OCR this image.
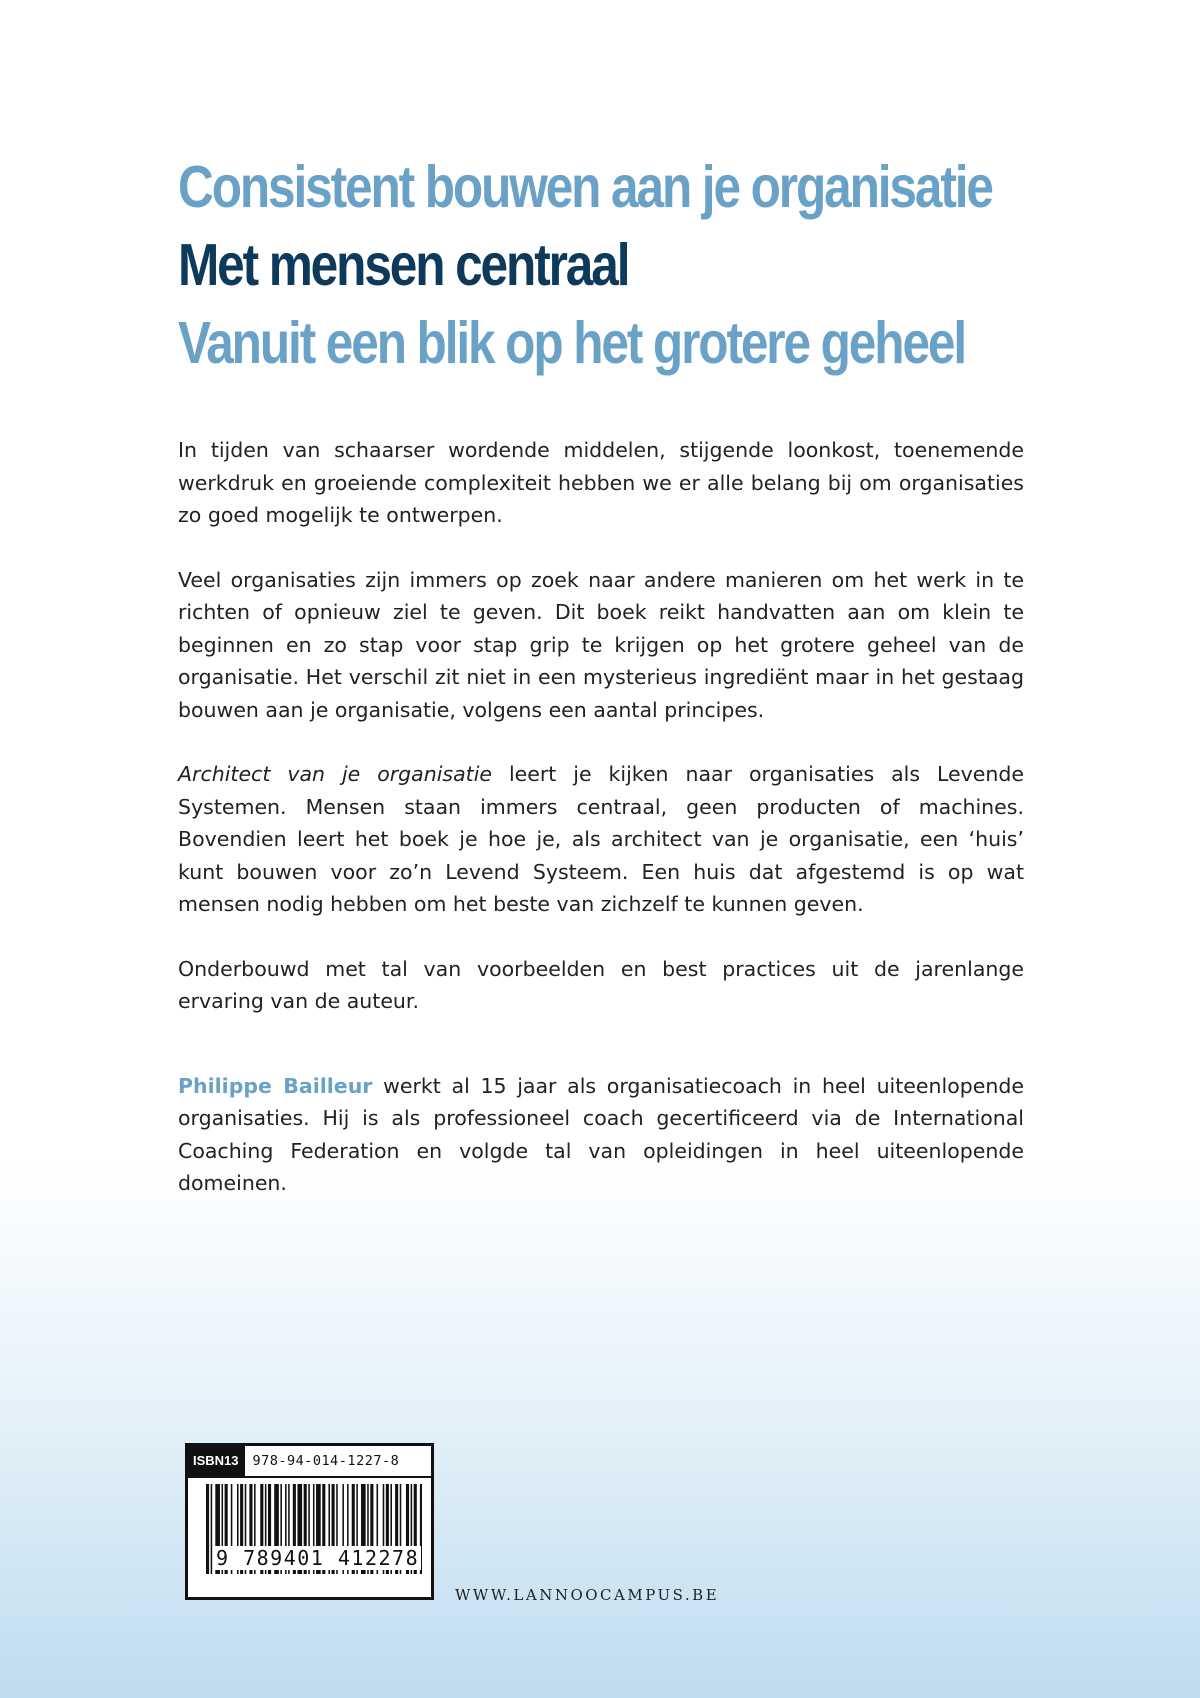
Consistent bouwen aan je organisatie
Met mensen centraal
Vanuit een blik op het grotere geheel

In tijden van schaarser wordende middelen, stijgende loonkost, toenemende werkdruk en groeiende complexiteit hebben we er alle belang bij om organisaties zo goed mogelijk te ontwerpen.

Veel organisaties zijn immers op zoek naar andere manieren om het werk in te richten of opnieuw ziel te geven. Dit boek reikt handvatten aan om klein te beginnen en zo stap voor stap grip te krijgen op het grotere geheel van de organisatie. Het verschil zit niet in een mysterieus ingrediënt maar in het gestaag bouwen aan je organisatie, volgens een aantal principes.

Architect van je organisatie leert je kijken naar organisaties als Levende Systemen. Mensen staan immers centraal, geen producten of machines. Bovendien leert het boek je hoe je, als architect van je organisatie, een ‘huis’ kunt bouwen voor zo’n Levend Systeem. Een huis dat afgestemd is op wat mensen nodig hebben om het beste van zichzelf te kunnen geven.

Onderbouwd met tal van voorbeelden en best practices uit de jarenlange ervaring van de auteur.

Philippe Bailleur werkt al 15 jaar als organisatiecoach in heel uiteenlopende organisaties. Hij is als professioneel coach gecertificeerd via de International Coaching Federation en volgde tal van opleidingen in heel uiteenlopende domeinen.

ISBN13	978-94-014-1227-8
9 789401 412278
WWW.LANNOOCAMPUS.BE
